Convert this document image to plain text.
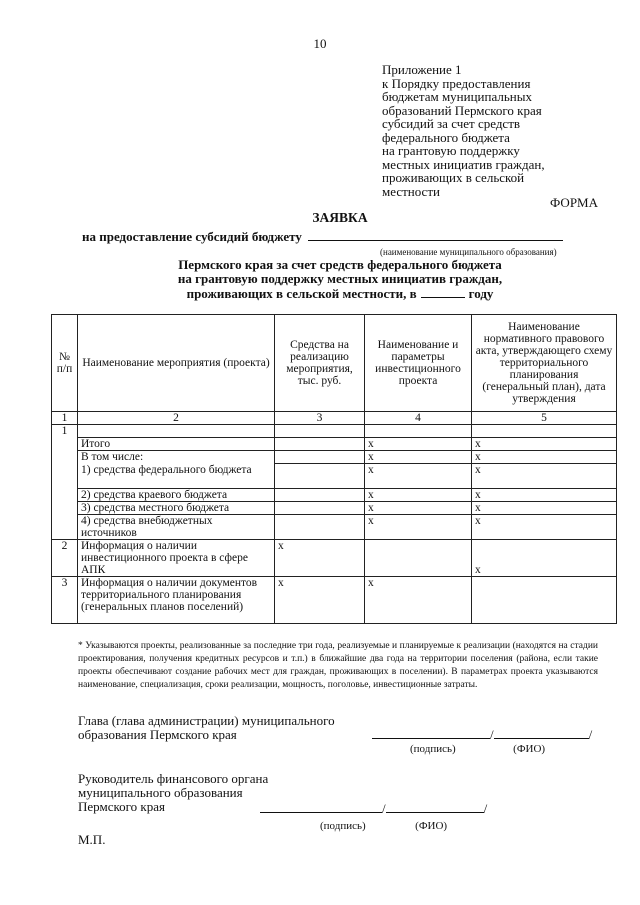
10
Приложение 1
к Порядку предоставления
бюджетам муниципальных
образований Пермского края
субсидий за счет средств
федерального бюджета
на грантовую поддержку
местных инициатив граждан,
проживающих в сельской
местности
ФОРМА
ЗАЯВКА
на предоставление субсидий бюджету
(наименование муниципального образования)
Пермского края за счет средств федерального бюджета
на грантовую поддержку местных инициатив граждан,
проживающих в сельской местности, в	году
№ п/п	Наименование мероприятия (проекта)	Средства на реализацию мероприятия, тыс. руб.	Наименование и параметры инвестиционного проекта	Наименование нормативного правового акта, утверждающего схему территориального планирования (генеральный план), дата утверждения
1	2	3	4	5
1				
	Итого		x	x
	В том числе:		x	x
	1) средства федерального бюджета		x	x
	2) средства краевого бюджета		x	x
	3) средства местного бюджета		x	x
	4) средства внебюджетных источников		x	x
2	Информация о наличии инвестиционного проекта в сфере АПК	x		x
3	Информация о наличии документов территориального планирования (генеральных планов поселений)	x	x	
* Указываются проекты, реализованные за последние три года, реализуемые и планируемые к реализации (находятся на стадии проектирования, получения кредитных ресурсов и т.п.) в ближайшие два года на территории поселения (района, если такие проекты обеспечивают создание рабочих мест для граждан, проживающих в поселении). В параметрах проекта указываются наименование, специализация, сроки реализации, мощность, поголовье, инвестиционные затраты.
Глава (глава администрации) муниципального
образования Пермского края	/	/
(подпись)	(ФИО)
Руководитель финансового органа
муниципального образования
Пермского края	/	/
(подпись)	(ФИО)
М.П.
